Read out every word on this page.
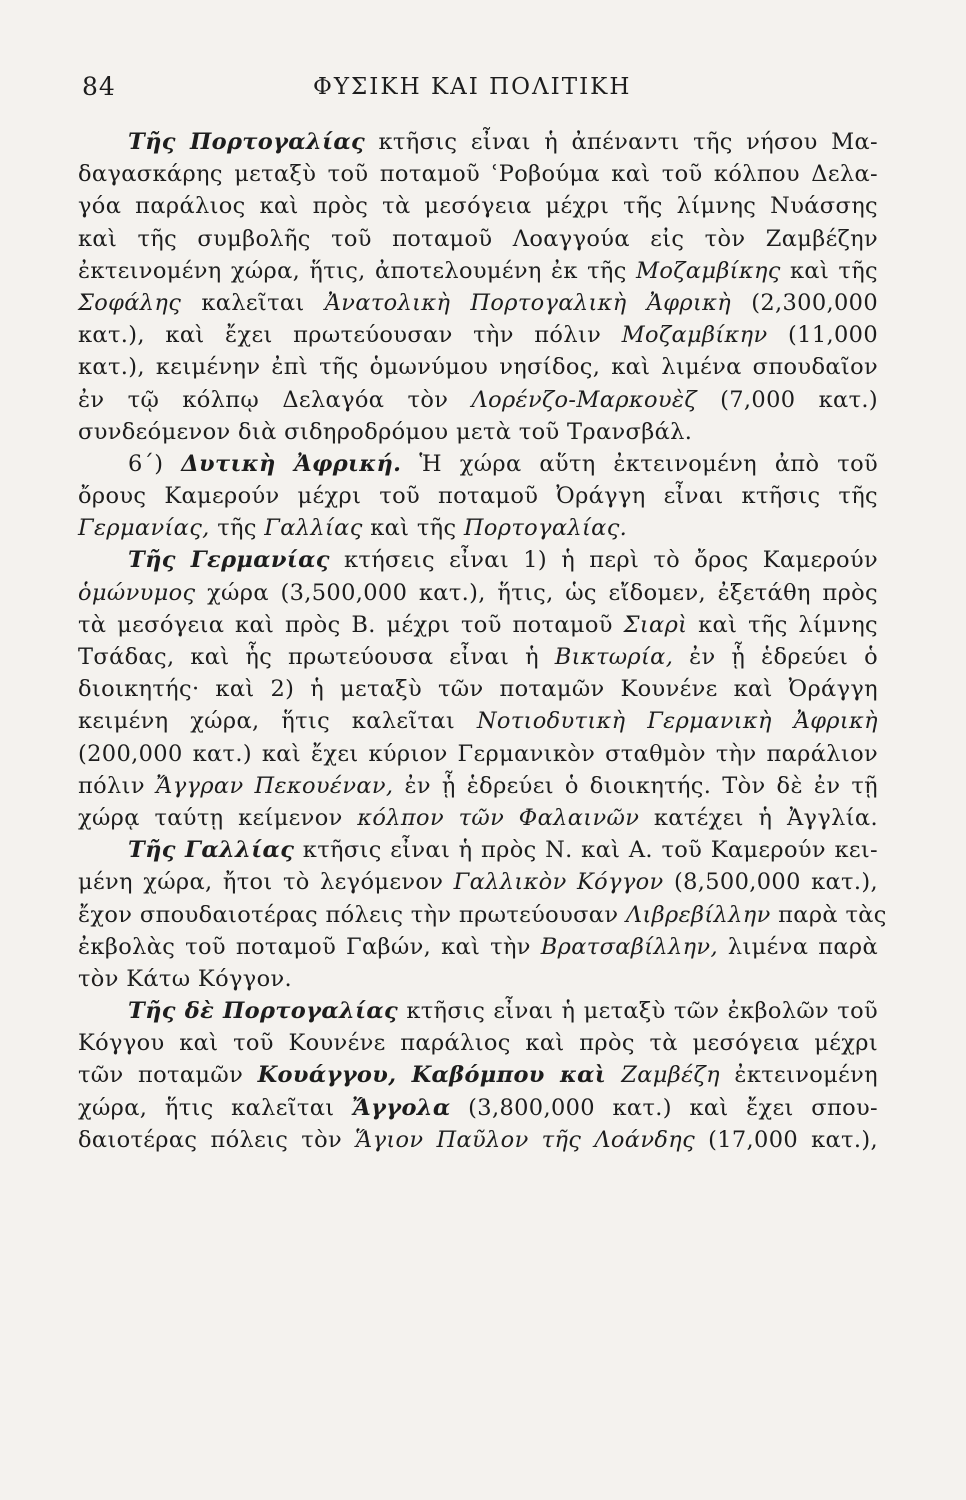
84	ΦΥΣΙΚΗ ΚΑΙ ΠΟΛΙΤΙΚΗ
Τῆς Πορτογαλίας κτῆσις εἶναι ἡ ἀπέναντι τῆς νήσου Μα-
δαγασκάρης μεταξὺ τοῦ ποταμοῦ ʿΡοβούμα καὶ τοῦ κόλπου Δελα-
γόα παράλιος καὶ πρὸς τὰ μεσόγεια μέχρι τῆς λίμνης Νυάσσης
καὶ τῆς συμβολῆς τοῦ ποταμοῦ Λοαγγούα εἰς τὸν Ζαμβέζην
ἐκτεινομένη χώρα, ἥτις, ἀποτελουμένη ἐκ τῆς Μοζαμβίκης καὶ τῆς
Σοφάλης καλεῖται Ἀνατολικὴ Πορτογαλικὴ Ἀφρικὴ (2,300,000
κατ.), καὶ ἔχει πρωτεύουσαν τὴν πόλιν Μοζαμβίκην (11,000
κατ.), κειμένην ἐπὶ τῆς ὁμωνύμου νησίδος, καὶ λιμένα σπουδαῖον
ἐν τῷ κόλπῳ Δελαγόα τὸν Λορένζο-Μαρκουὲζ (7,000 κατ.)
συνδεόμενον διὰ σιδηροδρόμου μετὰ τοῦ Τρανσβάλ.
6΄) Δυτικὴ Ἀφρική. Ἡ χώρα αὕτη ἐκτεινομένη ἀπὸ τοῦ
ὄρους Καμερούν μέχρι τοῦ ποταμοῦ Ὀράγγη εἶναι κτῆσις τῆς
Γερμανίας, τῆς Γαλλίας καὶ τῆς Πορτογαλίας.
Τῆς Γερμανίας κτήσεις εἶναι 1) ἡ περὶ τὸ ὄρος Καμερούν
ὁμώνυμος χώρα (3,500,000 κατ.), ἥτις, ὡς εἴδομεν, ἐξετάθη πρὸς
τὰ μεσόγεια καὶ πρὸς Β. μέχρι τοῦ ποταμοῦ Σιαρὶ καὶ τῆς λίμνης
Τσάδας, καὶ ἧς πρωτεύουσα εἶναι ἡ Βικτωρία, ἐν ᾗ ἑδρεύει ὁ
διοικητής· καὶ 2) ἡ μεταξὺ τῶν ποταμῶν Κουνένε καὶ Ὀράγγη
κειμένη χώρα, ἥτις καλεῖται Νοτιοδυτικὴ Γερμανικὴ Ἀφρικὴ
(200,000 κατ.) καὶ ἔχει κύριον Γερμανικὸν σταθμὸν τὴν παράλιον
πόλιν Ἄγγραν Πεκουέναν, ἐν ᾗ ἑδρεύει ὁ διοικητής. Τὸν δὲ ἐν τῇ
χώρᾳ ταύτῃ κείμενον κόλπον τῶν Φαλαινῶν κατέχει ἡ Ἀγγλία.
Τῆς Γαλλίας κτῆσις εἶναι ἡ πρὸς Ν. καὶ Α. τοῦ Καμερούν κει-
μένη χώρα, ἤτοι τὸ λεγόμενον Γαλλικὸν Κόγγον (8,500,000 κατ.),
ἔχον σπουδαιοτέρας πόλεις τὴν πρωτεύουσαν Λιβρεβίλλην παρὰ τὰς
ἐκβολὰς τοῦ ποταμοῦ Γαβών, καὶ τὴν Βρατσαβίλλην, λιμένα παρὰ
τὸν Κάτω Κόγγον.
Τῆς δὲ Πορτογαλίας κτῆσις εἶναι ἡ μεταξὺ τῶν ἐκβολῶν τοῦ
Κόγγου καὶ τοῦ Κουνένε παράλιος καὶ πρὸς τὰ μεσόγεια μέχρι
τῶν ποταμῶν Κουάγγου, Καβόμπου καὶ Ζαμβέζη ἐκτεινομένη
χώρα, ἥτις καλεῖται Ἄγγολα (3,800,000 κατ.) καὶ ἔχει σπου-
δαιοτέρας πόλεις τὸν Ἅγιον Παῦλον τῆς Λοάνδης (17,000 κατ.),
